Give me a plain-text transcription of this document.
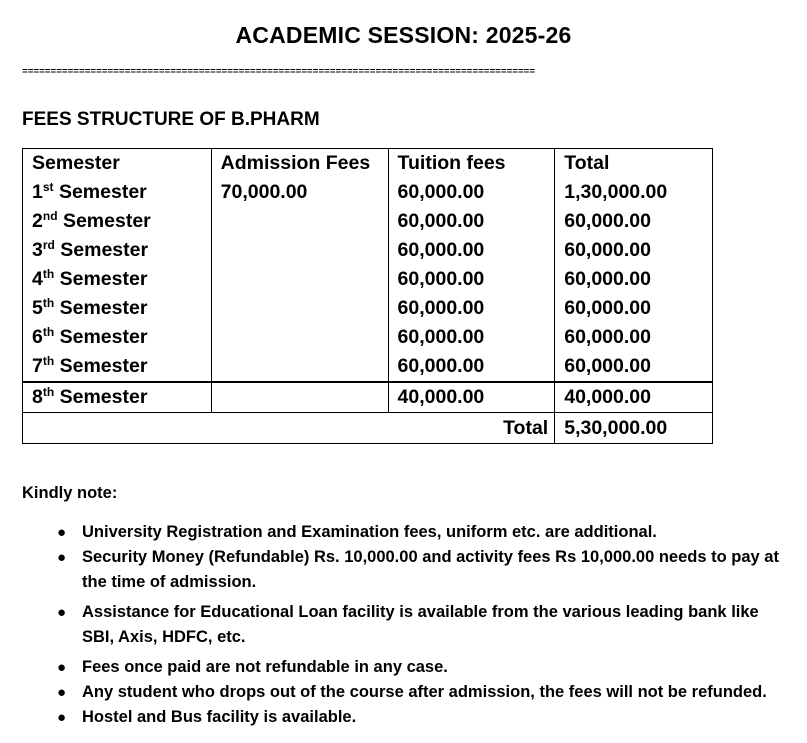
ACADEMIC SESSION: 2025-26
==========================================================================================
FEES STRUCTURE OF B.PHARM
Semester	Admission Fees	Tuition fees	Total
1st Semester	70,000.00	60,000.00	1,30,000.00
2nd Semester		60,000.00	60,000.00
3rd Semester		60,000.00	60,000.00
4th Semester		60,000.00	60,000.00
5th Semester		60,000.00	60,000.00
6th Semester		60,000.00	60,000.00
7th Semester		60,000.00	60,000.00
8th Semester		40,000.00	40,000.00
Total			5,30,000.00
Kindly note:
● University Registration and Examination fees, uniform etc. are additional.
● Security Money (Refundable) Rs. 10,000.00 and activity fees Rs 10,000.00 needs to pay at the time of admission.
● Assistance for Educational Loan facility is available from the various leading bank like SBI, Axis, HDFC, etc.
● Fees once paid are not refundable in any case.
● Any student who drops out of the course after admission, the fees will not be refunded.
● Hostel and Bus facility is available.
